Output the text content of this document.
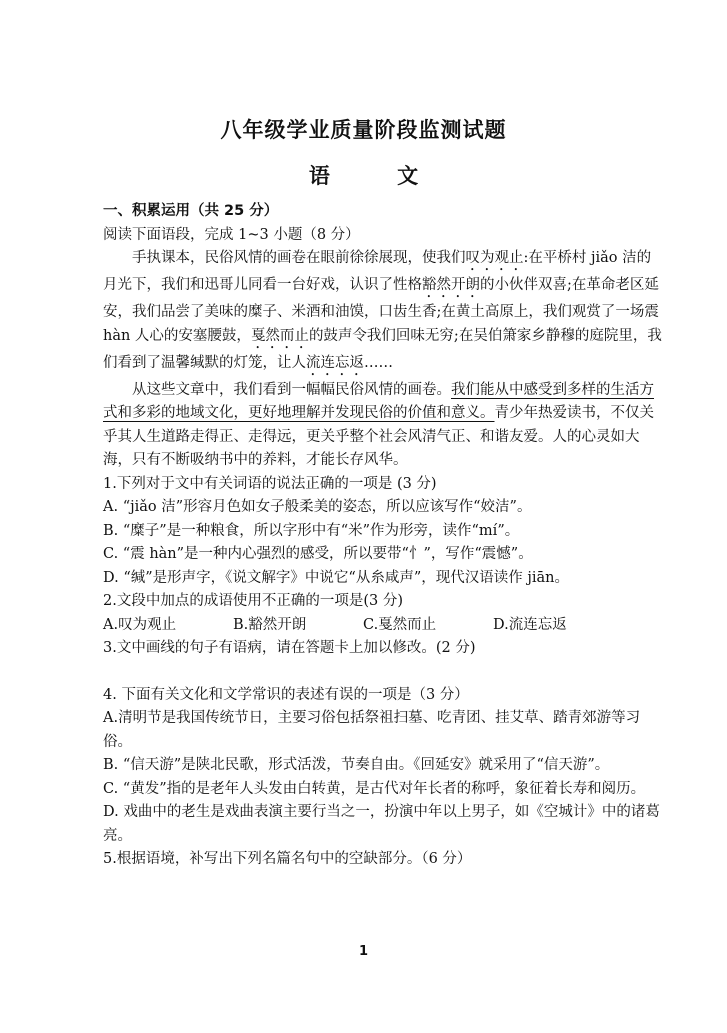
八年级学业质量阶段监测试题
语 文

一、积累运用（共 25 分）

阅读下面语段，完成 1~3 小题（8 分）

手执课本，民俗风情的画卷在眼前徐徐展现，使我们叹为观止:在平桥村 jiǎo 洁的月光下，我们和迅哥儿同看一台好戏，认识了性格豁然开朗的小伙伴双喜;在革命老区延安，我们品尝了美味的糜子、米酒和油馍，口齿生香;在黄土高原上，我们观赏了一场震 hàn 人心的安塞腰鼓，戛然而止的鼓声令我们回味无穷;在吴伯箫家乡静穆的庭院里，我们看到了温馨缄默的灯笼，让人流连忘返……

从这些文章中，我们看到一幅幅民俗风情的画卷。我们能从中感受到多样的生活方式和多彩的地域文化，更好地理解并发现民俗的价值和意义。青少年热爱读书，不仅关乎其人生道路走得正、走得远，更关乎整个社会风清气正、和谐友爱。人的心灵如大海，只有不断吸纳书中的养料，才能长存风华。

1.下列对于文中有关词语的说法正确的一项是 (3 分)

A. “jiǎo 洁”形容月色如女子般柔美的姿态，所以应该写作“姣洁”。

B. “糜子”是一种粮食，所以字形中有“米”作为形旁，读作“mí”。

C. “震 hàn”是一种内心强烈的感受，所以要带“忄”，写作“震憾”。

D. “缄”是形声字，《说文解字》中说它“从糸咸声”，现代汉语读作 jiān。

2.文段中加点的成语使用不正确的一项是(3 分)

A.叹为观止	B.豁然开朗	C.戛然而止	D.流连忘返

3.文中画线的句子有语病，请在答题卡上加以修改。(2 分)

4. 下面有关文化和文学常识的表述有误的一项是（3 分）

A.清明节是我国传统节日，主要习俗包括祭祖扫墓、吃青团、挂艾草、踏青郊游等习俗。

B. “信天游”是陕北民歌，形式活泼，节奏自由。《回延安》就采用了“信天游”。

C. “黄发”指的是老年人头发由白转黄，是古代对年长者的称呼，象征着长寿和阅历。

D. 戏曲中的老生是戏曲表演主要行当之一，扮演中年以上男子，如《空城计》中的诸葛亮。

5.根据语境，补写出下列名篇名句中的空缺部分。（6 分）

1
